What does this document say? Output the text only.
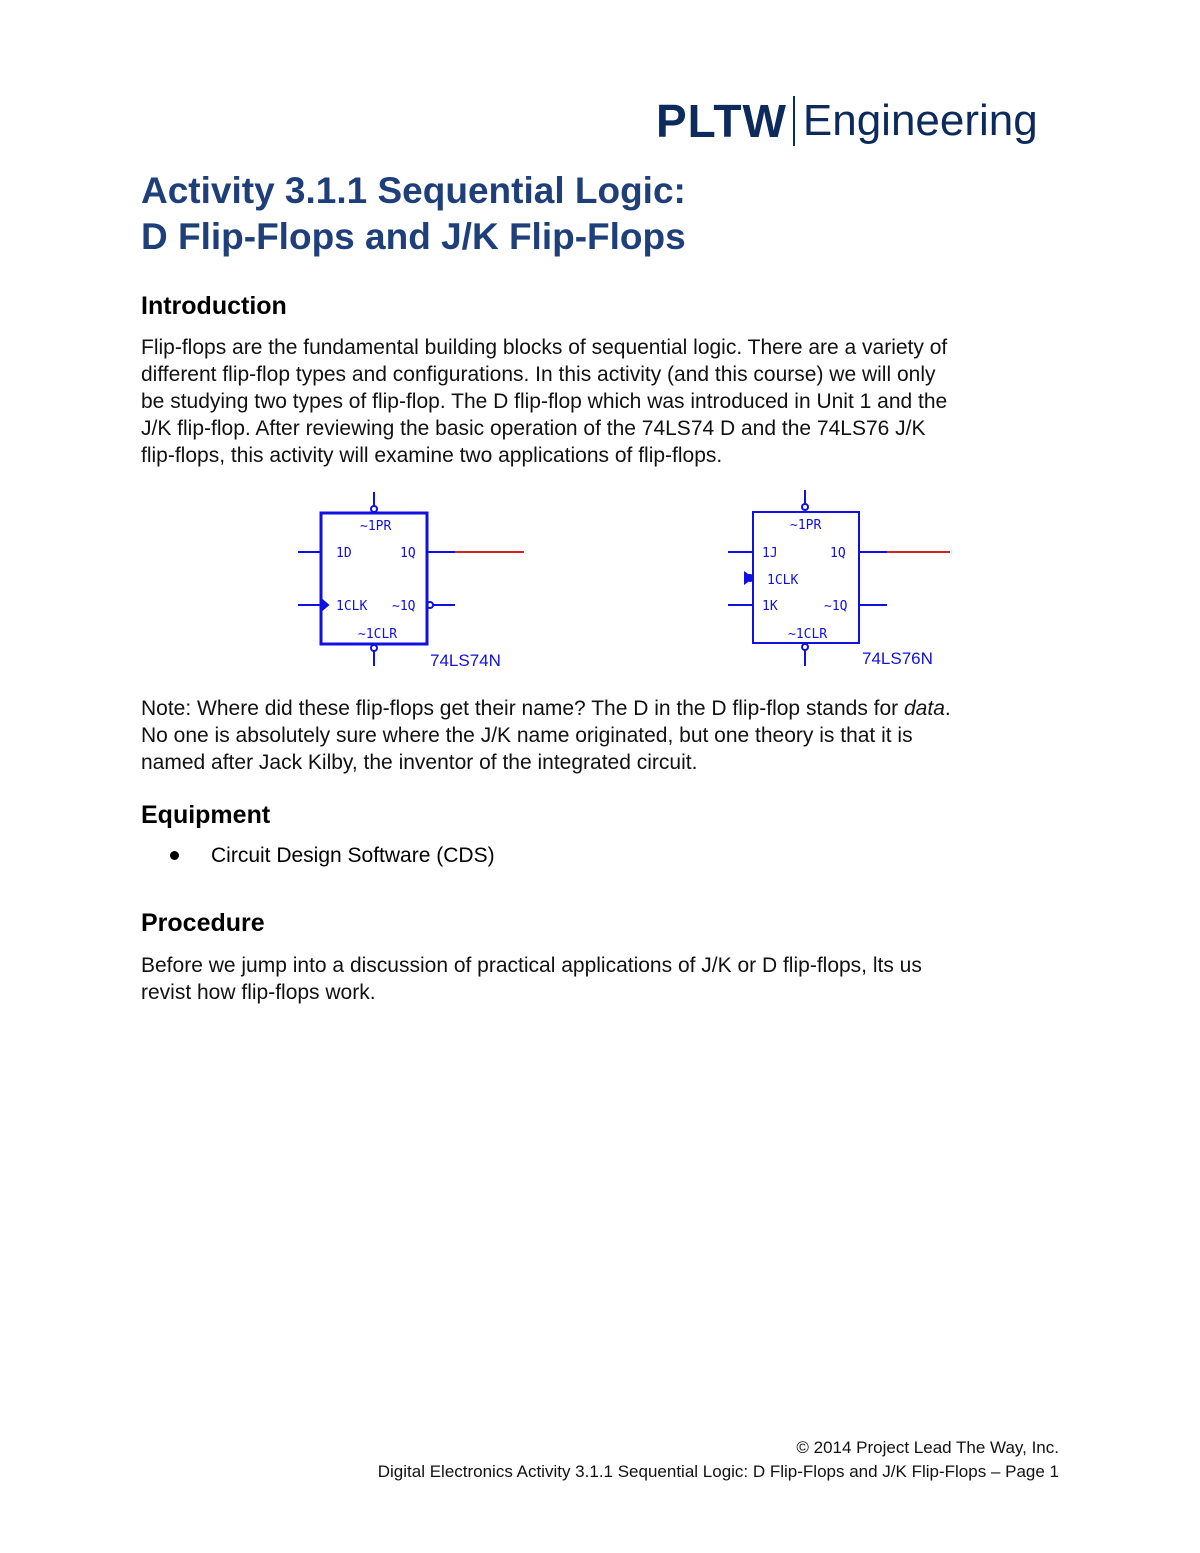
PLTW Engineering
Activity 3.1.1 Sequential Logic:
D Flip-Flops and J/K Flip-Flops
Introduction

Flip-flops are the fundamental building blocks of sequential logic. There are a variety of
different flip-flop types and configurations. In this activity (and this course) we will only
be studying two types of flip-flop. The D flip-flop which was introduced in Unit 1 and the
J/K flip-flop. After reviewing the basic operation of the 74LS74 D and the 74LS76 J/K
flip-flops, this activity will examine two applications of flip-flops.

~1PR
1D	1Q
1CLK ~1Q
~1CLR
74LS74N
~1PR
1J	1Q
1CLK
1K	~1Q
~1CLR
74LS76N

Note: Where did these flip-flops get their name? The D in the D flip-flop stands for data.
No one is absolutely sure where the J/K name originated, but one theory is that it is
named after Jack Kilby, the inventor of the integrated circuit.

Equipment
Circuit Design Software (CDS)
Procedure

Before we jump into a discussion of practical applications of J/K or D flip-flops, lts us
revist how flip-flops work.

© 2014 Project Lead The Way, Inc.
Digital Electronics Activity 3.1.1 Sequential Logic: D Flip-Flops and J/K Flip-Flops – Page 1
